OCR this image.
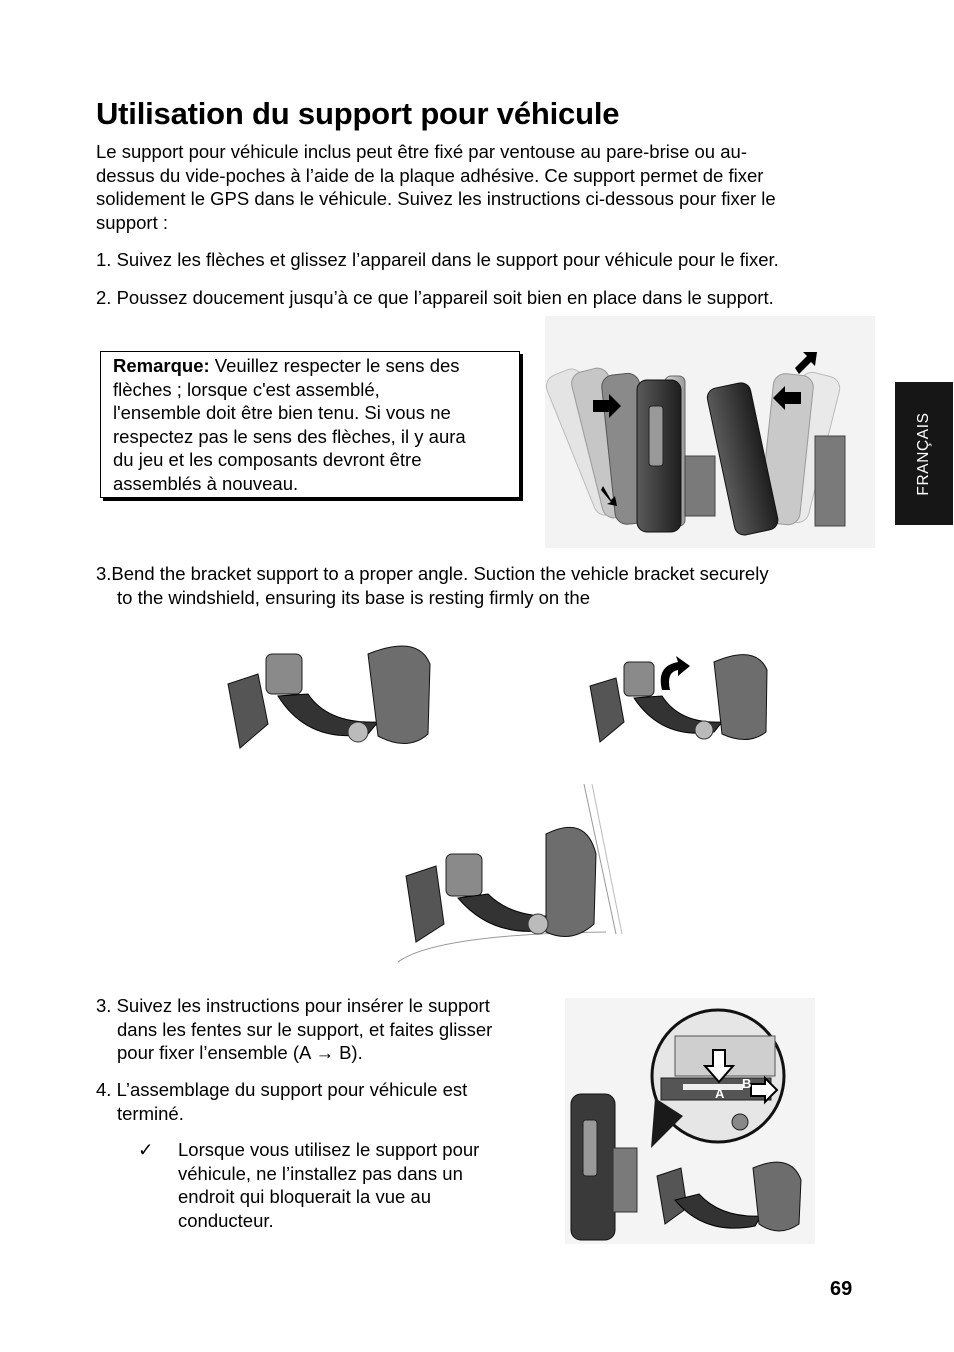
Utilisation du support pour véhicule
Le support pour véhicule inclus peut être fixé par ventouse au pare-brise ou au-
dessus du vide-poches à l’aide de la plaque adhésive. Ce support permet de fixer
solidement le GPS dans le véhicule. Suivez les instructions ci-dessous pour fixer le
support :
1. Suivez les flèches et glissez l’appareil dans le support pour véhicule pour le fixer.
2. Poussez doucement jusqu’à ce que l’appareil soit bien en place dans le support.
Remarque: Veuillez respecter le sens des
flèches ; lorsque c'est assemblé,
l'ensemble doit être bien tenu. Si vous ne
respectez pas le sens des flèches, il y aura
du jeu et les composants devront être
assemblés à nouveau.
3.Bend the bracket support to a proper angle. Suction the vehicle bracket securely
to the windshield, ensuring its base is resting firmly on the
3. Suivez les instructions pour insérer le support
dans les fentes sur le support, et faites glisser
pour fixer l’ensemble (A → B).
4. L’assemblage du support pour véhicule est
terminé.
✓ Lorsque vous utilisez le support pour
véhicule, ne l’installez pas dans un
endroit qui bloquerait la vue au
conducteur.
A
B
FRANÇAIS
69
